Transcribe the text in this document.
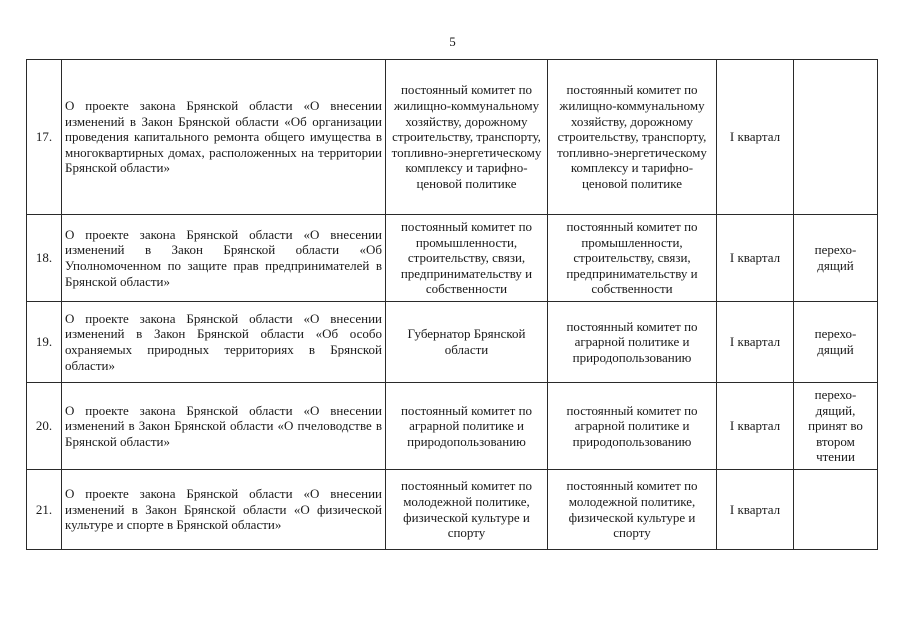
5
17.	О проекте закона Брянской области «О внесении изменений в Закон Брянской области «Об организации проведения капитального ремонта общего имущества в многоквартирных домах, расположенных на территории Брянской области»	постоянный комитет по жилищно-коммунальному хозяйству, дорожному строительству, транспорту, топливно-энергетическому комплексу и тарифно-ценовой политике	постоянный комитет по жилищно-коммунальному хозяйству, дорожному строительству, транспорту, топливно-энергетическому комплексу и тарифно-ценовой политике	I квартал	
18.	О проекте закона Брянской области «О внесении изменений в Закон Брянской области «Об Уполномоченном по защите прав предпринимателей в Брянской области»	постоянный комитет по промышленности, строительству, связи, предпринимательству и собственности	постоянный комитет по промышленности, строительству, связи, предпринимательству и собственности	I квартал	перехо-дящий
19.	О проекте закона Брянской области «О внесении изменений в Закон Брянской области «Об особо охраняемых природных территориях в Брянской области»	Губернатор Брянской области	постоянный комитет по аграрной политике и природопользованию	I квартал	перехо-дящий
20.	О проекте закона Брянской области «О внесении изменений в Закон Брянской области «О пчеловодстве в Брянской области»	постоянный комитет по аграрной политике и природопользованию	постоянный комитет по аграрной политике и природопользованию	I квартал	перехо-дящий, принят во втором чтении
21.	О проекте закона Брянской области «О внесении изменений в Закон Брянской области «О физической культуре и спорте в Брянской области»	постоянный комитет по молодежной политике, физической культуре и спорту	постоянный комитет по молодежной политике, физической культуре и спорту	I квартал	
